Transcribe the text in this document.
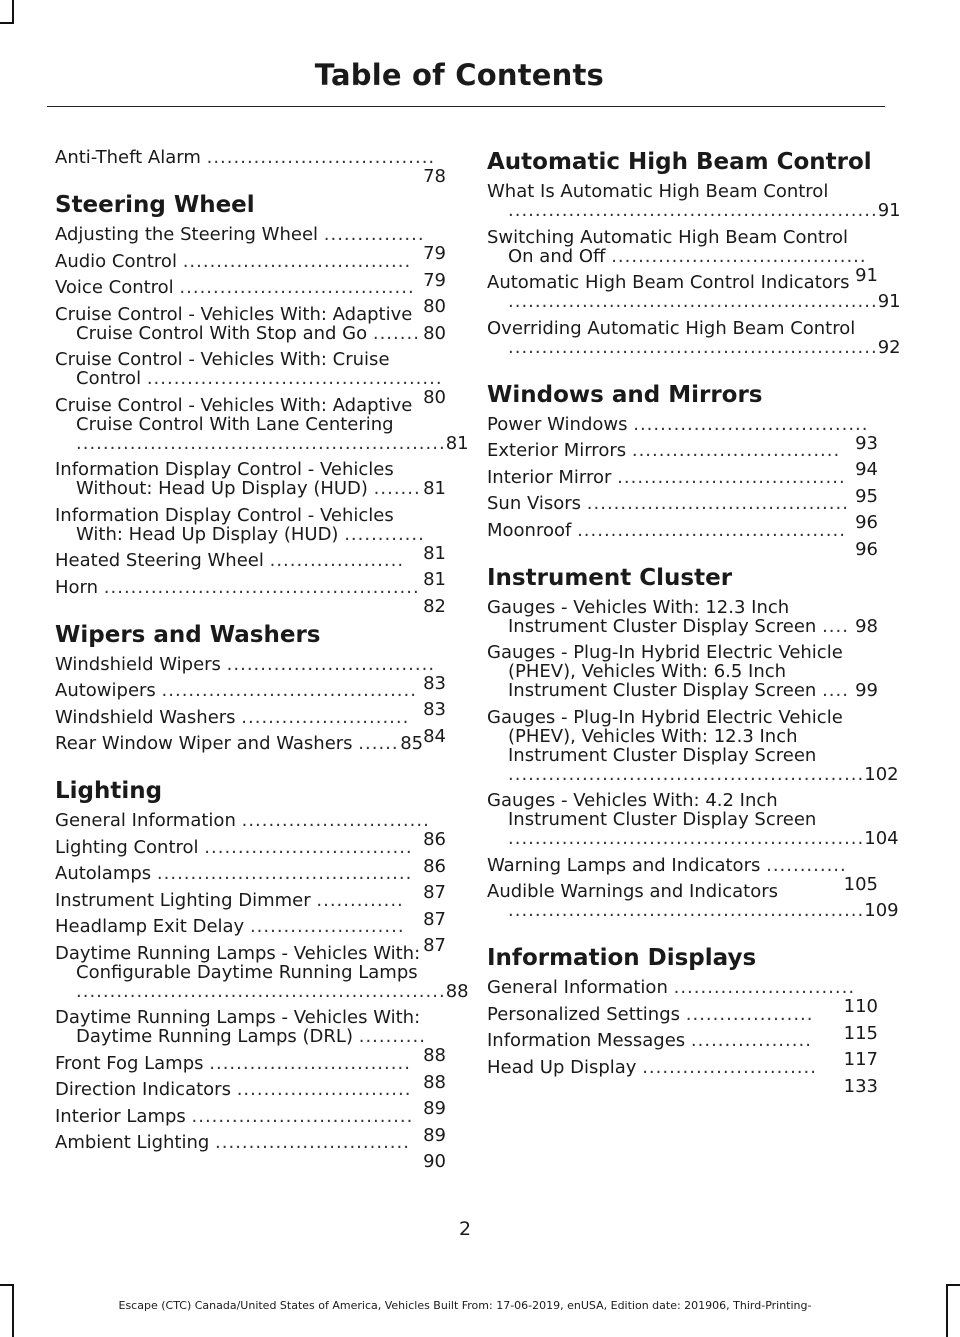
Table of Contents
Anti-Theft Alarm ..................................
78
Steering Wheel
Adjusting the Steering Wheel ...............
79
Audio Control ..................................
79
Voice Control ...................................
80
Cruise Control - Vehicles With: Adaptive Cruise Control With Stop and Go ....... 80
Cruise Control - Vehicles With: Cruise Control ............................................
80
Cruise Control - Vehicles With: Adaptive Cruise Control With Lane Centering
.......................................................81
Information Display Control - Vehicles Without: Head Up Display (HUD) ....... 81
Information Display Control - Vehicles With: Head Up Display (HUD) ............
81
Heated Steering Wheel ....................
81
Horn ...............................................
82
Wipers and Washers
Windshield Wipers ...............................
83
Autowipers ......................................
83
Windshield Washers .........................
84
Rear Window Wiper and Washers ...... 85
Lighting
General Information ............................
86
Lighting Control ...............................
86
Autolamps ......................................
87
Instrument Lighting Dimmer .............
87
Headlamp Exit Delay .......................
87
Daytime Running Lamps - Vehicles With: Configurable Daytime Running Lamps
.......................................................88
Daytime Running Lamps - Vehicles With: Daytime Running Lamps (DRL) ..........
88
Front Fog Lamps ..............................
88
Direction Indicators ..........................
89
Interior Lamps .................................
89
Ambient Lighting .............................
90
Automatic High Beam Control
What Is Automatic High Beam Control
.......................................................91
Switching Automatic High Beam Control On and Off ......................................
91
Automatic High Beam Control Indicators
.......................................................91
Overriding Automatic High Beam Control
.......................................................92
Windows and Mirrors
Power Windows ...................................
93
Exterior Mirrors ...............................
94
Interior Mirror ..................................
95
Sun Visors .......................................
96
Moonroof ........................................
96
Instrument Cluster
Gauges - Vehicles With: 12.3 Inch Instrument Cluster Display Screen .... 98
Gauges - Plug-In Hybrid Electric Vehicle (PHEV), Vehicles With: 6.5 Inch Instrument Cluster Display Screen .... 99
Gauges - Plug-In Hybrid Electric Vehicle (PHEV), Vehicles With: 12.3 Inch Instrument Cluster Display Screen
.....................................................102
Gauges - Vehicles With: 4.2 Inch Instrument Cluster Display Screen
.....................................................104
Warning Lamps and Indicators ............
105
Audible Warnings and Indicators
.....................................................109
Information Displays
General Information ...........................
110
Personalized Settings ...................
115
Information Messages ..................
117
Head Up Display ..........................
133
2
Escape (CTC) Canada/United States of America, Vehicles Built From: 17-06-2019, enUSA, Edition date: 201906, Third-Printing-
